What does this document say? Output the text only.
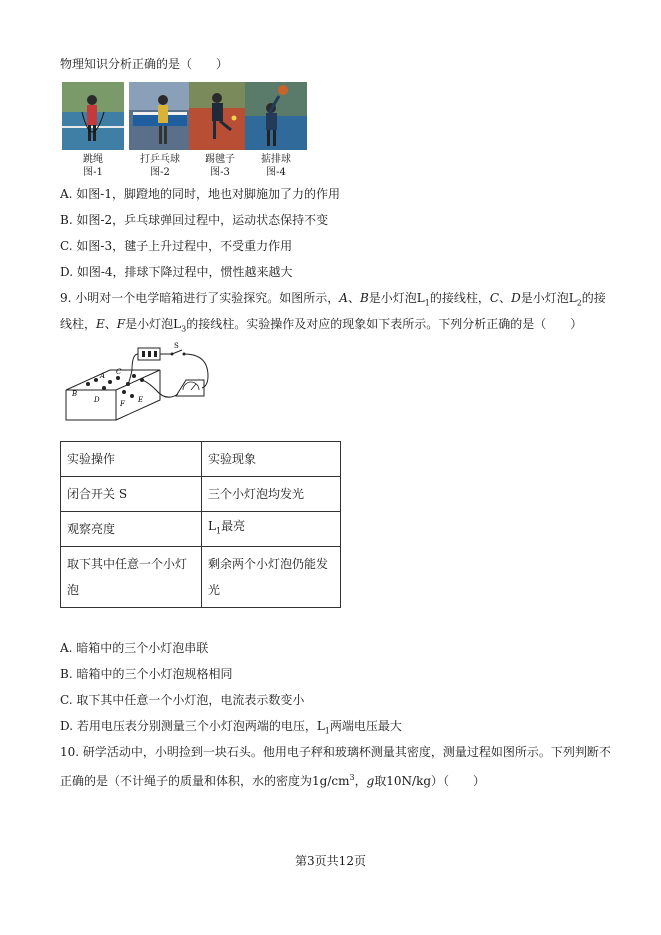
物理知识分析正确的是（　　）
跳绳
图-1
打乒乓球
图-2
踢毽子
图-3
掂排球
图-4
A. 如图-1，脚蹬地的同时，地也对脚施加了力的作用
B. 如图-2，乒乓球弹回过程中，运动状态保持不变
C. 如图-3，毽子上升过程中，不受重力作用
D. 如图-4，排球下降过程中，惯性越来越大
9. 小明对一个电学暗箱进行了实验探究。如图所示，A、B是小灯泡$L_1$的接线柱，C、D是小灯泡$L_2$的接
线柱，E、F是小灯泡$L_3$的接线柱。实验操作及对应的现象如下表所示。下列分析正确的是（　　）
A
B
C
D	E
F
S
实验操作	实验现象
闭合开关 S	三个小灯泡均发光
观察亮度	$L_1$最亮
取下其中任意一个小灯
泡	剩余两个小灯泡仍能发
光
A. 暗箱中的三个小灯泡串联
B. 暗箱中的三个小灯泡规格相同
C. 取下其中任意一个小灯泡，电流表示数变小
D. 若用电压表分别测量三个小灯泡两端的电压，$L_1$两端电压最大
10. 研学活动中，小明捡到一块石头。他用电子秤和玻璃杯测量其密度，测量过程如图所示。下列判断不
正确的是（不计绳子的质量和体积，水的密度为$1g/cm^3$，g取10N/kg）（　　）
第3页共12页
